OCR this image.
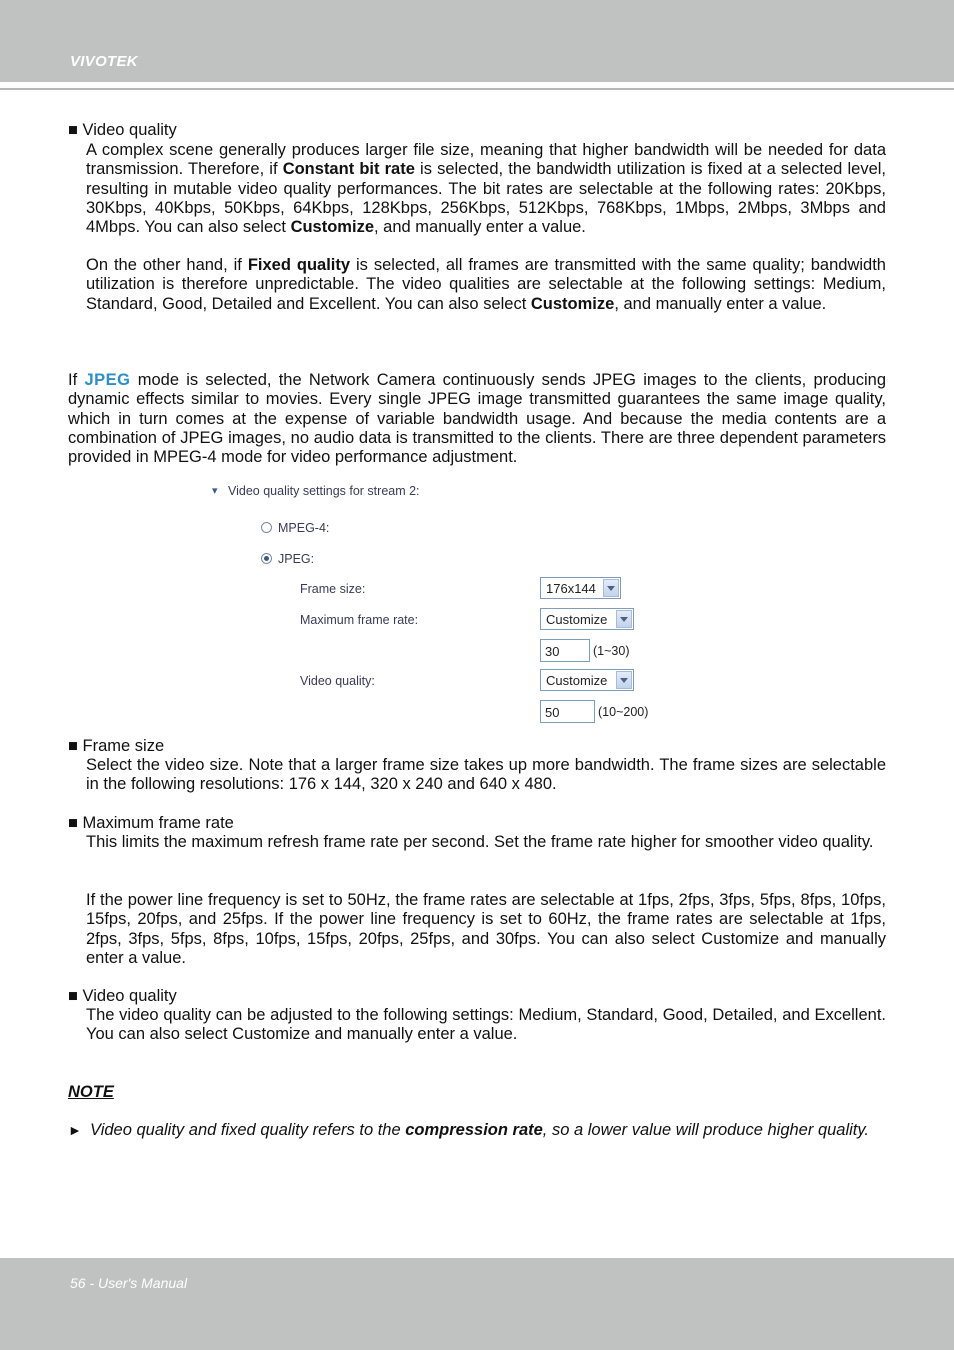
VIVOTEK
■ Video quality
A complex scene generally produces larger file size, meaning that higher bandwidth will be needed for data transmission. Therefore, if Constant bit rate is selected, the bandwidth utilization is fixed at a selected level, resulting in mutable video quality performances. The bit rates are selectable at the following rates: 20Kbps, 30Kbps, 40Kbps, 50Kbps, 64Kbps, 128Kbps, 256Kbps, 512Kbps, 768Kbps, 1Mbps, 2Mbps, 3Mbps and 4Mbps. You can also select Customize, and manually enter a value.
On the other hand, if Fixed quality is selected, all frames are transmitted with the same quality; bandwidth utilization is therefore unpredictable. The video qualities are selectable at the following settings: Medium, Standard, Good, Detailed and Excellent. You can also select Customize, and manually enter a value.
If JPEG mode is selected, the Network Camera continuously sends JPEG images to the clients, producing dynamic effects similar to movies. Every single JPEG image transmitted guarantees the same image quality, which in turn comes at the expense of variable bandwidth usage. And because the media contents are a combination of JPEG images, no audio data is transmitted to the clients. There are three dependent parameters provided in MPEG-4 mode for video performance adjustment.
▾ Video quality settings for stream 2:
MPEG-4:
JPEG:
Frame size:	176x144
Maximum frame rate:	Customize
30	(1~30)
Video quality:	Customize
50	(10~200)
■ Frame size
Select the video size. Note that a larger frame size takes up more bandwidth. The frame sizes are selectable in the following resolutions: 176 x 144, 320 x 240 and 640 x 480.
■ Maximum frame rate
This limits the maximum refresh frame rate per second. Set the frame rate higher for smoother video quality.
If the power line frequency is set to 50Hz, the frame rates are selectable at 1fps, 2fps, 3fps, 5fps, 8fps, 10fps, 15fps, 20fps, and 25fps. If the power line frequency is set to 60Hz, the frame rates are selectable at 1fps, 2fps, 3fps, 5fps, 8fps, 10fps, 15fps, 20fps, 25fps, and 30fps. You can also select Customize and manually enter a value.
■ Video quality
The video quality can be adjusted to the following settings: Medium, Standard, Good, Detailed, and Excellent. You can also select Customize and manually enter a value.
NOTE
► Video quality and fixed quality refers to the compression rate, so a lower value will produce higher quality.
56 - User's Manual
